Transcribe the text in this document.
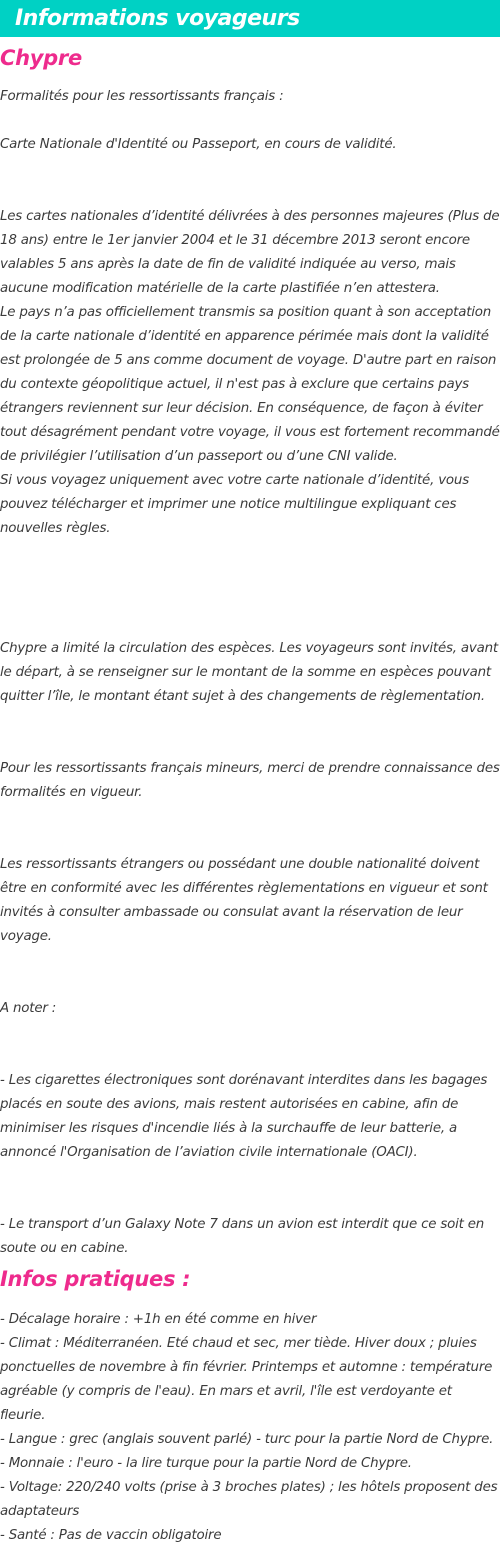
Informations voyageurs
Chypre

Formalités pour les ressortissants français :

Carte Nationale d'Identité ou Passeport, en cours de validité.

Les cartes nationales d’identité délivrées à des personnes majeures (Plus de 18 ans) entre le 1er janvier 2004 et le 31 décembre 2013 seront encore valables 5 ans après la date de fin de validité indiquée au verso, mais aucune modification matérielle de la carte plastifiée n’en attestera.

Le pays n’a pas officiellement transmis sa position quant à son acceptation de la carte nationale d’identité en apparence périmée mais dont la validité est prolongée de 5 ans comme document de voyage. D'autre part en raison du contexte géopolitique actuel, il n'est pas à exclure que certains pays étrangers reviennent sur leur décision. En conséquence, de façon à éviter tout désagrément pendant votre voyage, il vous est fortement recommandé de privilégier l’utilisation d’un passeport ou d’une CNI valide.

Si vous voyagez uniquement avec votre carte nationale d’identité, vous pouvez télécharger et imprimer une notice multilingue expliquant ces nouvelles règles.

Chypre a limité la circulation des espèces. Les voyageurs sont invités, avant le départ, à se renseigner sur le montant de la somme en espèces pouvant quitter l’île, le montant étant sujet à des changements de règlementation.

Pour les ressortissants français mineurs, merci de prendre connaissance des formalités en vigueur.

Les ressortissants étrangers ou possédant une double nationalité doivent être en conformité avec les différentes règlementations en vigueur et sont invités à consulter ambassade ou consulat avant la réservation de leur voyage.

A noter :

- Les cigarettes électroniques sont dorénavant interdites dans les bagages placés en soute des avions, mais restent autorisées en cabine, afin de minimiser les risques d'incendie liés à la surchauffe de leur batterie, a annoncé l'Organisation de l’aviation civile internationale (OACI).

- Le transport d’un Galaxy Note 7 dans un avion est interdit que ce soit en soute ou en cabine.

Infos pratiques :

- Décalage horaire : +1h en été comme en hiver

- Climat : Méditerranéen. Eté chaud et sec, mer tiède. Hiver doux ; pluies ponctuelles de novembre à fin février. Printemps et automne : température agréable (y compris de l'eau). En mars et avril, l'île est verdoyante et fleurie.

- Langue : grec (anglais souvent parlé) - turc pour la partie Nord de Chypre.

- Monnaie : l'euro - la lire turque pour la partie Nord de Chypre.

- Voltage: 220/240 volts (prise à 3 broches plates) ; les hôtels proposent des adaptateurs

- Santé : Pas de vaccin obligatoire
